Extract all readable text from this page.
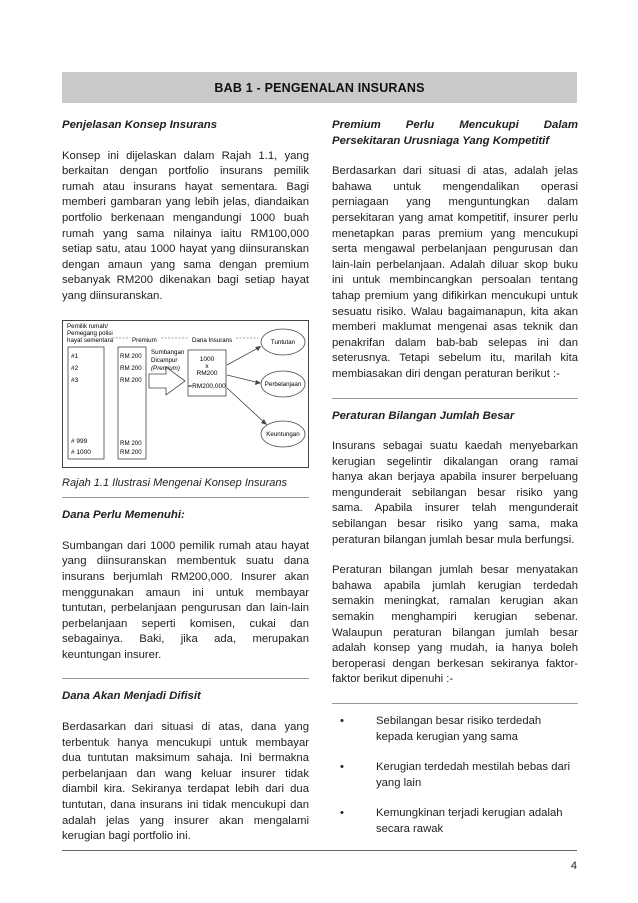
BAB 1 - PENGENALAN INSURANS
Penjelasan Konsep Insurans

Konsep ini dijelaskan dalam Rajah 1.1, yang berkaitan dengan portfolio insurans pemilik rumah atau insurans hayat sementara. Bagi memberi gambaran yang lebih jelas, diandaikan portfolio berkenaan mengandungi 1000 buah rumah yang sama nilainya iaitu RM100,000 setiap satu, atau 1000 hayat yang diinsuranskan dengan amaun yang sama dengan premium sebanyak RM200 dikenakan bagi setiap hayat yang diinsuranskan.

Pemilik rumah/
Pemegang polisi
hayat sementara	Premium	Dana Insurans
#1
#2
#3
# 999
# 1000
RM 200
RM 200
RM 200
RM 200
RM 200
Sumbangan
Dicampur
(Premium)
1000
x
RM200
=RM200,000
Tuntutan
Perbelanjaan
Keuntungan
Rajah 1.1 Ilustrasi Mengenai Konsep Insurans
Dana Perlu Memenuhi:

Sumbangan dari 1000 pemilik rumah atau hayat yang diinsuranskan membentuk suatu dana insurans berjumlah RM200,000. Insurer akan menggunakan amaun ini untuk membayar tuntutan, perbelanjaan pengurusan dan lain-lain perbelanjaan seperti komisen, cukai dan sebagainya. Baki, jika ada, merupakan keuntungan insurer.

Dana Akan Menjadi Difisit

Berdasarkan dari situasi di atas, dana yang terbentuk hanya mencukupi untuk membayar dua tuntutan maksimum sahaja. Ini bermakna perbelanjaan dan wang keluar insurer tidak diambil kira. Sekiranya terdapat lebih dari dua tuntutan, dana insurans ini tidak mencukupi dan adalah jelas yang insurer akan mengalami kerugian bagi portfolio ini.

Premium Perlu Mencukupi Dalam Persekitaran Urusniaga Yang Kompetitif

Berdasarkan dari situasi di atas, adalah jelas bahawa untuk mengendalikan operasi perniagaan yang menguntungkan dalam persekitaran yang amat kompetitif, insurer perlu menetapkan paras premium yang mencukupi serta mengawal perbelanjaan pengurusan dan lain-lain perbelanjaan. Adalah diluar skop buku ini untuk membincangkan persoalan tentang tahap premium yang difikirkan mencukupi untuk sesuatu risiko. Walau bagaimanapun, kita akan memberi maklumat mengenai asas teknik dan penakrifan dalam bab-bab selepas ini dan seterusnya. Tetapi sebelum itu, marilah kita membiasakan diri dengan peraturan berikut :-

Peraturan Bilangan Jumlah Besar

Insurans sebagai suatu kaedah menyebarkan kerugian segelintir dikalangan orang ramai hanya akan berjaya apabila insurer berpeluang mengunderait sebilangan besar risiko yang sama. Apabila insurer telah mengunderait sebilangan besar risiko yang sama, maka peraturan bilangan jumlah besar mula berfungsi.

Peraturan bilangan jumlah besar menyatakan bahawa apabila jumlah kerugian terdedah semakin meningkat, ramalan kerugian akan semakin menghampiri kerugian sebenar. Walaupun peraturan bilangan jumlah besar adalah konsep yang mudah, ia hanya boleh beroperasi dengan berkesan sekiranya faktor-faktor berikut dipenuhi :-

•	Sebilangan besar risiko terdedah kepada kerugian yang sama
•	Kerugian terdedah mestilah bebas dari yang lain
•	Kemungkinan terjadi kerugian adalah secara rawak
4
